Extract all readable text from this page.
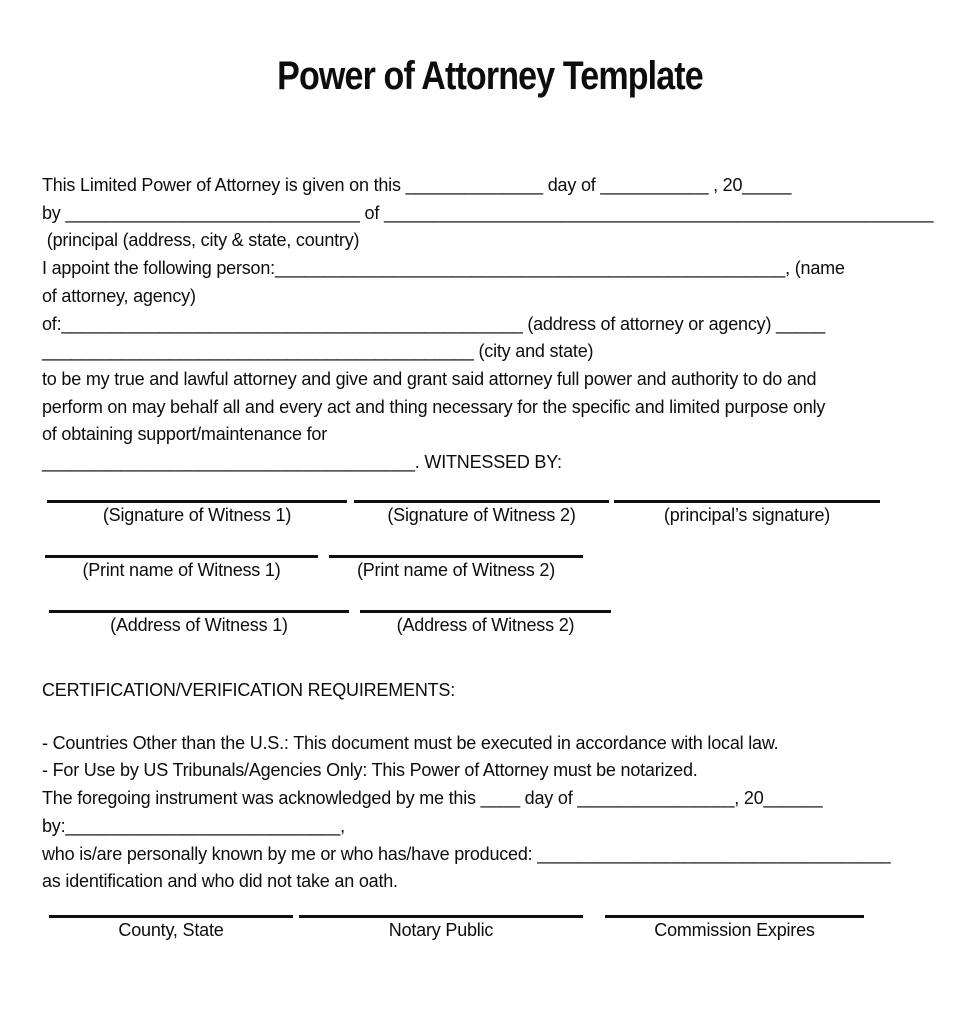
Power of Attorney Template
This Limited Power of Attorney is given on this ______________ day of ___________ , 20_____
by ______________________________ of ________________________________________________________
(principal (address, city & state, country)
I appoint the following person:____________________________________________________, (name
of attorney, agency)
of:_______________________________________________ (address of attorney or agency) _____
____________________________________________ (city and state)
to be my true and lawful attorney and give and grant said attorney full power and authority to do and
perform on may behalf all and every act and thing necessary for the specific and limited purpose only
of obtaining support/maintenance for
______________________________________. WITNESSED BY:
(Signature of Witness 1)	(Signature of Witness 2)	(principal’s signature)
(Print name of Witness 1)	(Print name of Witness 2)
(Address of Witness 1)	(Address of Witness 2)
CERTIFICATION/VERIFICATION REQUIREMENTS:
- Countries Other than the U.S.: This document must be executed in accordance with local law.
- For Use by US Tribunals/Agencies Only: This Power of Attorney must be notarized.
The foregoing instrument was acknowledged by me this ____ day of ________________, 20______
by:____________________________,
who is/are personally known by me or who has/have produced: ____________________________________
as identification and who did not take an oath.
County, State	Notary Public	Commission Expires
